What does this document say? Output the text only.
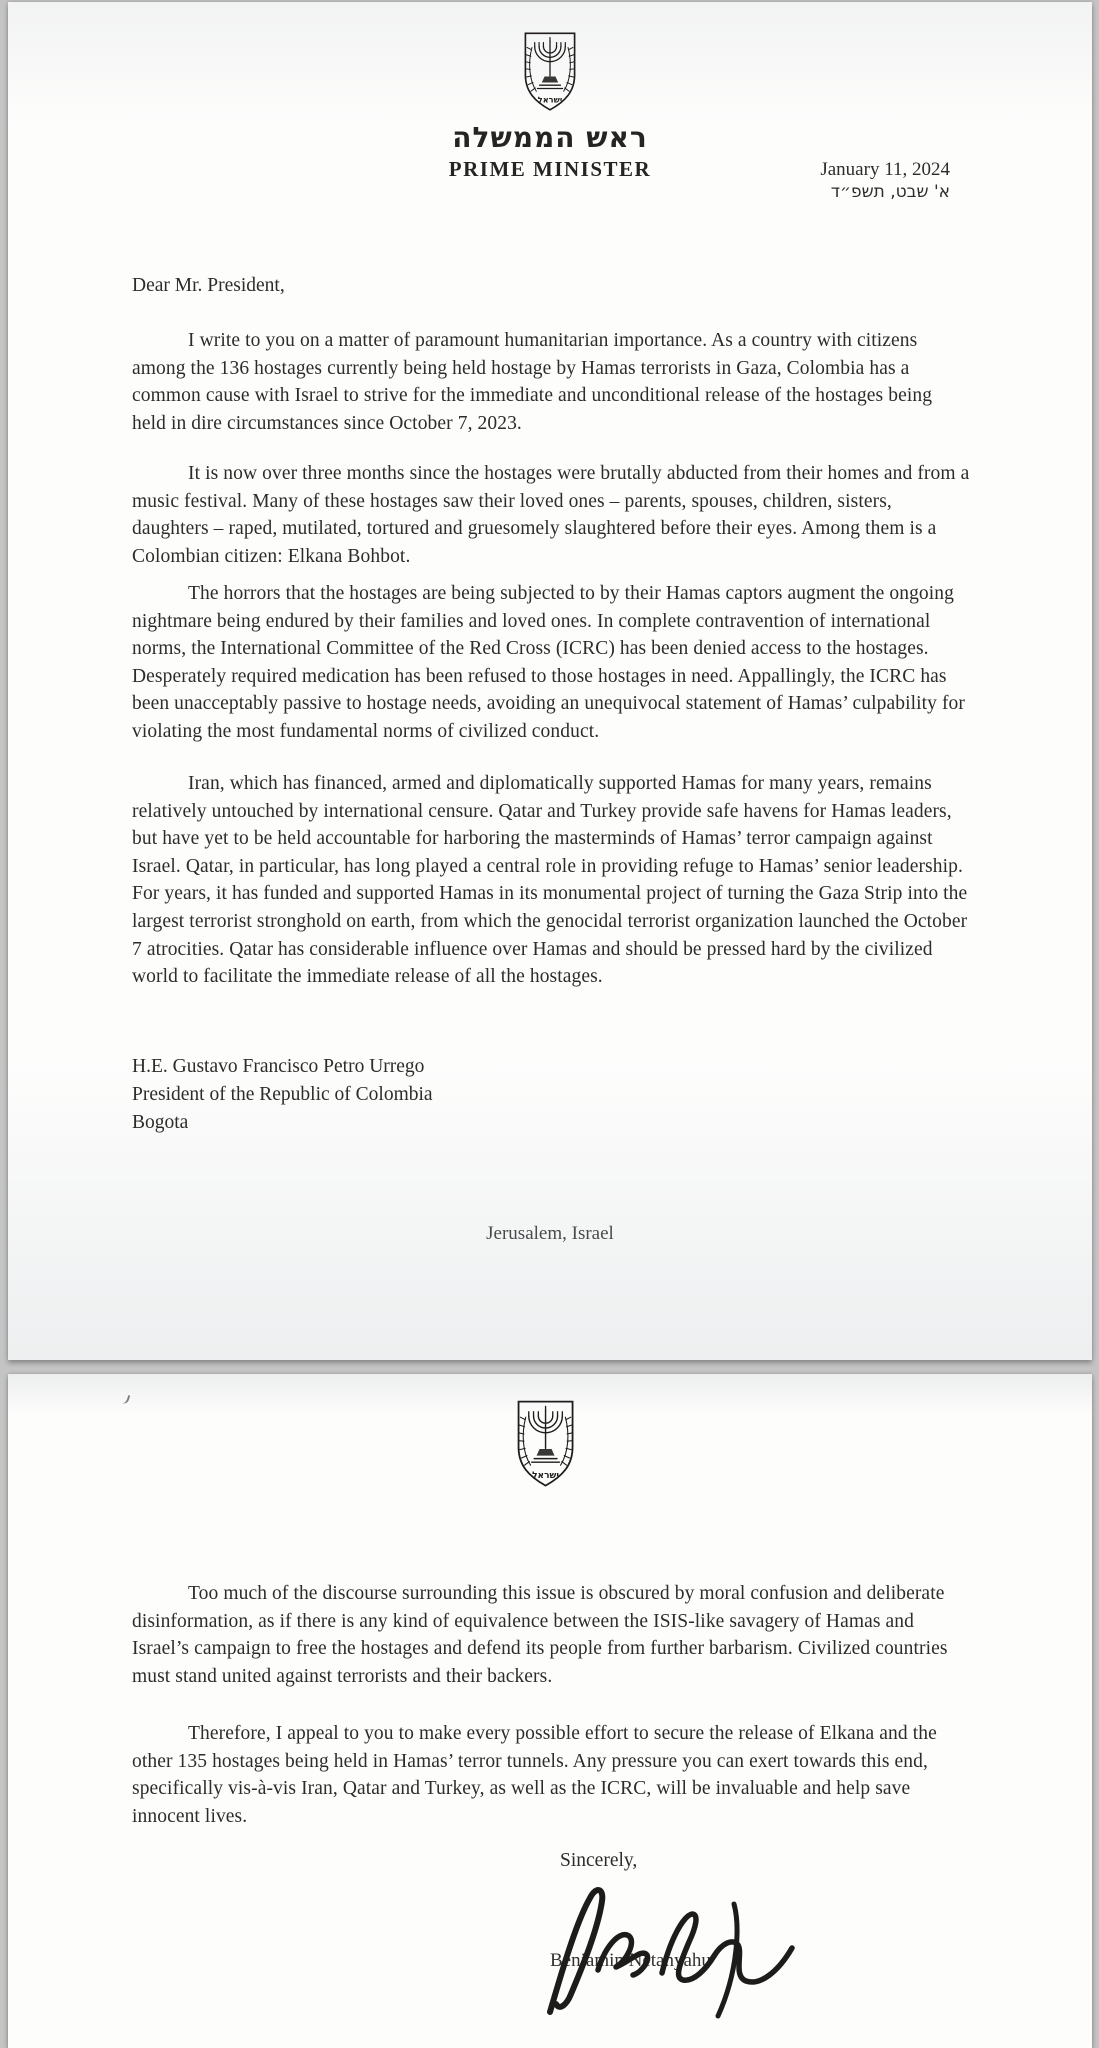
ישראל
ראש הממשלה
PRIME MINISTER	January 11, 2024
א' שבט, תשפ״ד
Dear Mr. President,

I write to you on a matter of paramount humanitarian importance. As a country with citizens among the 136 hostages currently being held hostage by Hamas terrorists in Gaza, Colombia has a common cause with Israel to strive for the immediate and unconditional release of the hostages being held in dire circumstances since October 7, 2023.

It is now over three months since the hostages were brutally abducted from their homes and from a music festival. Many of these hostages saw their loved ones – parents, spouses, children, sisters, daughters – raped, mutilated, tortured and gruesomely slaughtered before their eyes. Among them is a Colombian citizen: Elkana Bohbot.

The horrors that the hostages are being subjected to by their Hamas captors augment the ongoing nightmare being endured by their families and loved ones. In complete contravention of international norms, the International Committee of the Red Cross (ICRC) has been denied access to the hostages. Desperately required medication has been refused to those hostages in need. Appallingly, the ICRC has been unacceptably passive to hostage needs, avoiding an unequivocal statement of Hamas’ culpability for violating the most fundamental norms of civilized conduct.

Iran, which has financed, armed and diplomatically supported Hamas for many years, remains relatively untouched by international censure. Qatar and Turkey provide safe havens for Hamas leaders, but have yet to be held accountable for harboring the masterminds of Hamas’ terror campaign against Israel. Qatar, in particular, has long played a central role in providing refuge to Hamas’ senior leadership. For years, it has funded and supported Hamas in its monumental project of turning the Gaza Strip into the largest terrorist stronghold on earth, from which the genocidal terrorist organization launched the October 7 atrocities. Qatar has considerable influence over Hamas and should be pressed hard by the civilized world to facilitate the immediate release of all the hostages.

H.E. Gustavo Francisco Petro Urrego
President of the Republic of Colombia
Bogota
Jerusalem, Israel
ישראל

Too much of the discourse surrounding this issue is obscured by moral confusion and deliberate disinformation, as if there is any kind of equivalence between the ISIS-like savagery of Hamas and Israel’s campaign to free the hostages and defend its people from further barbarism. Civilized countries must stand united against terrorists and their backers.

Therefore, I appeal to you to make every possible effort to secure the release of Elkana and the other 135 hostages being held in Hamas’ terror tunnels. Any pressure you can exert towards this end, specifically vis-à-vis Iran, Qatar and Turkey, as well as the ICRC, will be invaluable and help save innocent lives.

Sincerely,
Benjamin Netanyahu
